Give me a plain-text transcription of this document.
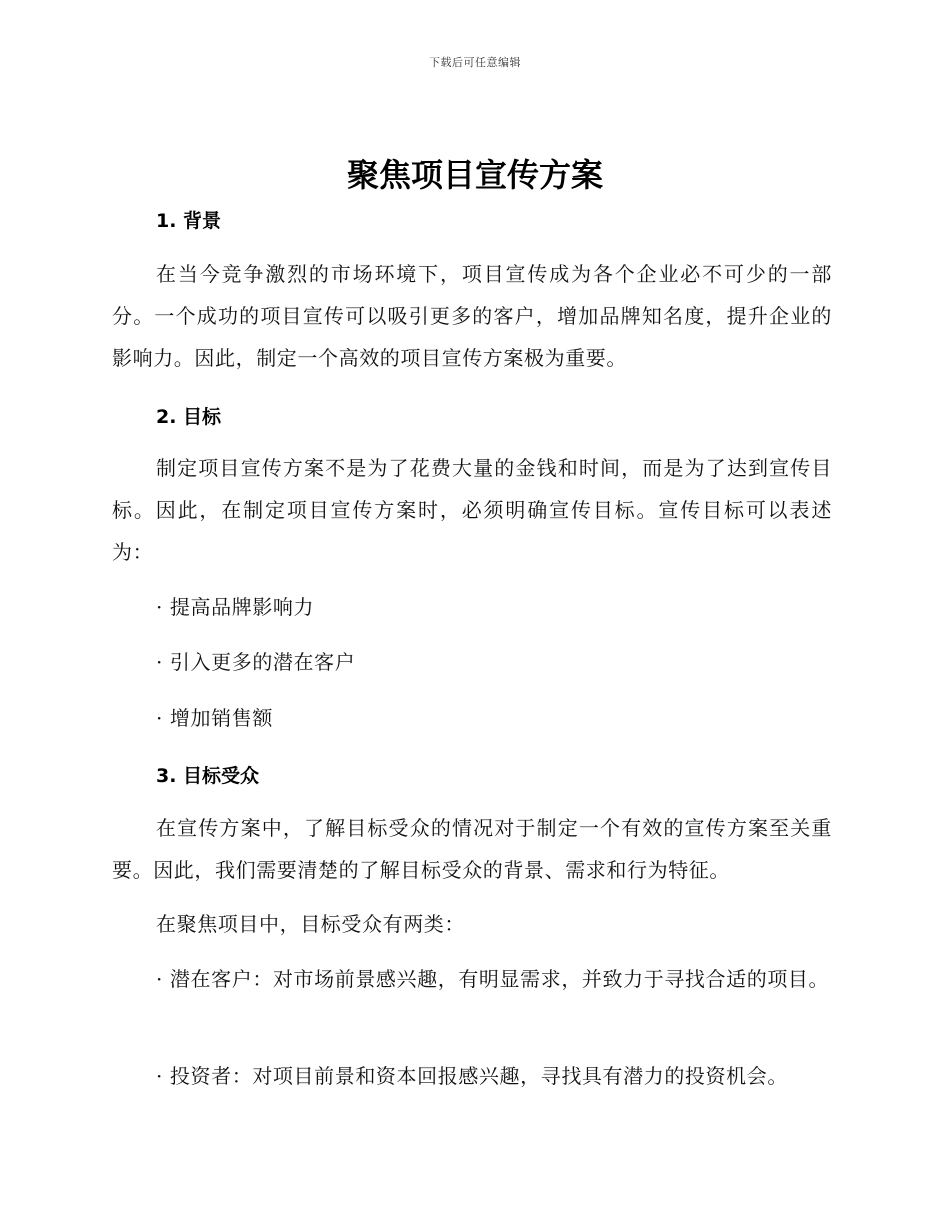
下载后可任意编辑
聚焦项目宣传方案
1. 背景

在当今竞争激烈的市场环境下，项目宣传成为各个企业必不可少的一部分。一个成功的项目宣传可以吸引更多的客户，增加品牌知名度，提升企业的影响力。因此，制定一个高效的项目宣传方案极为重要。

2. 目标

制定项目宣传方案不是为了花费大量的金钱和时间，而是为了达到宣传目标。因此，在制定项目宣传方案时，必须明确宣传目标。宣传目标可以表述为：

· 提高品牌影响力

· 引入更多的潜在客户

· 增加销售额

3. 目标受众

在宣传方案中，了解目标受众的情况对于制定一个有效的宣传方案至关重要。因此，我们需要清楚的了解目标受众的背景、需求和行为特征。

在聚焦项目中，目标受众有两类：

· 潜在客户：对市场前景感兴趣，有明显需求，并致力于寻找合适的项目。

· 投资者：对项目前景和资本回报感兴趣，寻找具有潜力的投资机会。
